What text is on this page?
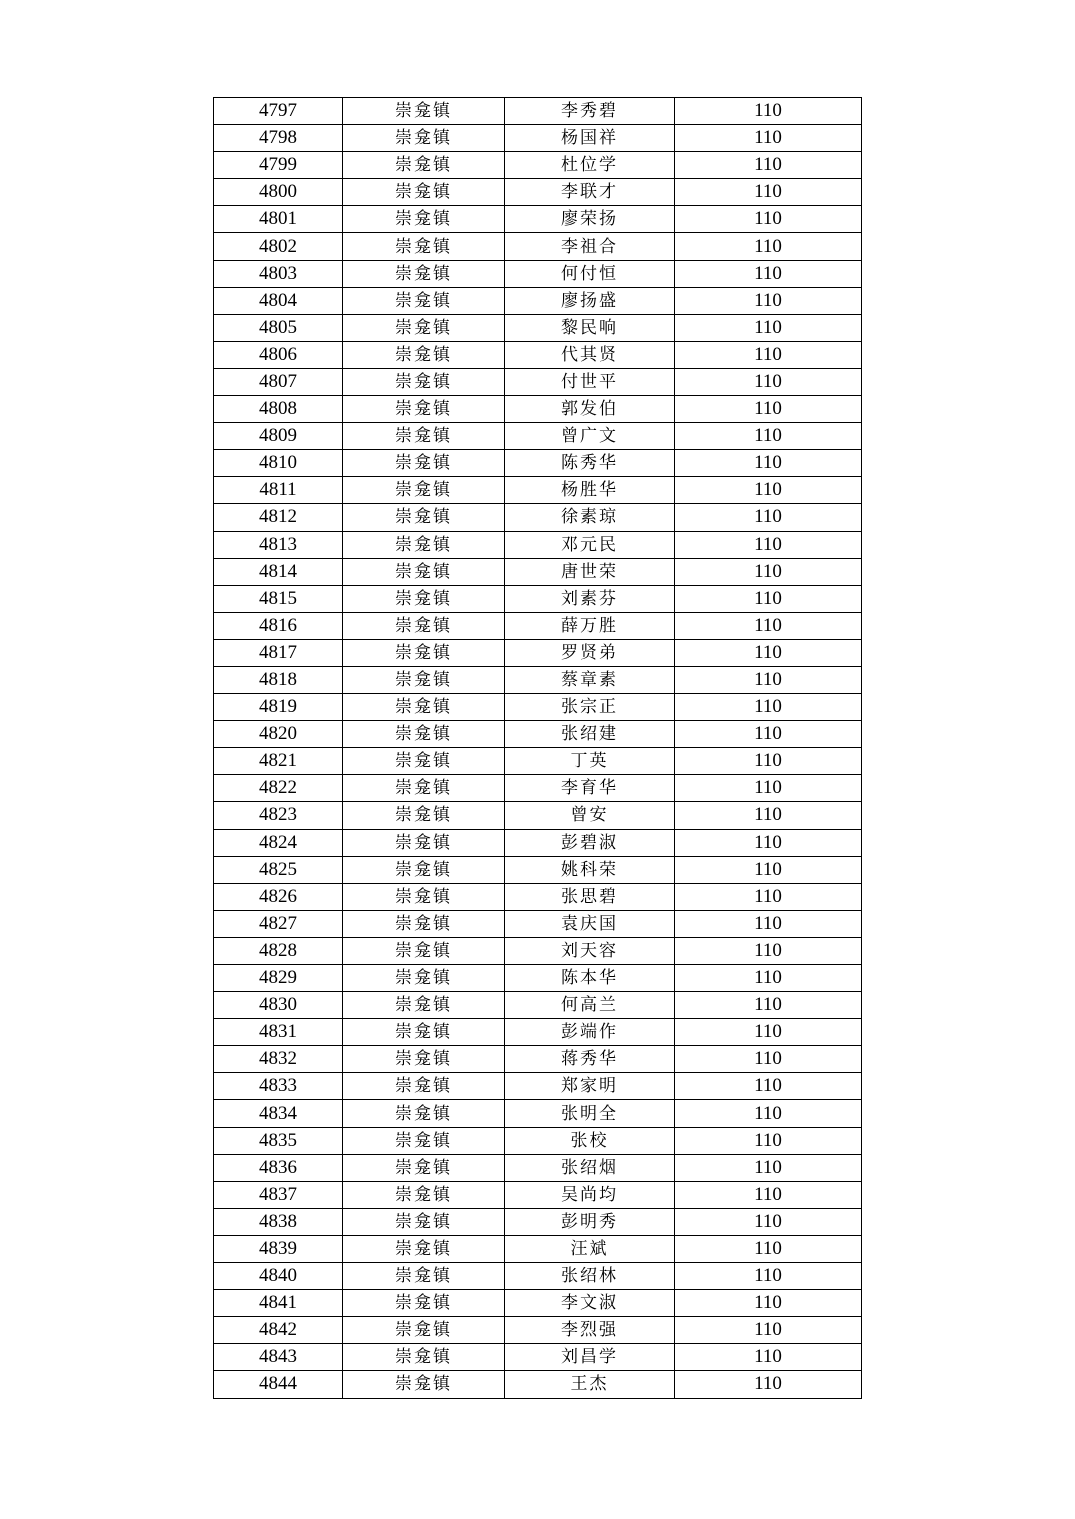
4797	崇龛镇	李秀碧	110
4798	崇龛镇	杨国祥	110
4799	崇龛镇	杜位学	110
4800	崇龛镇	李联才	110
4801	崇龛镇	廖荣扬	110
4802	崇龛镇	李祖合	110
4803	崇龛镇	何付恒	110
4804	崇龛镇	廖扬盛	110
4805	崇龛镇	黎民响	110
4806	崇龛镇	代其贤	110
4807	崇龛镇	付世平	110
4808	崇龛镇	郭发伯	110
4809	崇龛镇	曾广文	110
4810	崇龛镇	陈秀华	110
4811	崇龛镇	杨胜华	110
4812	崇龛镇	徐素琼	110
4813	崇龛镇	邓元民	110
4814	崇龛镇	唐世荣	110
4815	崇龛镇	刘素芬	110
4816	崇龛镇	薛万胜	110
4817	崇龛镇	罗贤弟	110
4818	崇龛镇	蔡章素	110
4819	崇龛镇	张宗正	110
4820	崇龛镇	张绍建	110
4821	崇龛镇	丁英	110
4822	崇龛镇	李育华	110
4823	崇龛镇	曾安	110
4824	崇龛镇	彭碧淑	110
4825	崇龛镇	姚科荣	110
4826	崇龛镇	张思碧	110
4827	崇龛镇	袁庆国	110
4828	崇龛镇	刘天容	110
4829	崇龛镇	陈本华	110
4830	崇龛镇	何高兰	110
4831	崇龛镇	彭端作	110
4832	崇龛镇	蒋秀华	110
4833	崇龛镇	郑家明	110
4834	崇龛镇	张明全	110
4835	崇龛镇	张校	110
4836	崇龛镇	张绍烟	110
4837	崇龛镇	吴尚均	110
4838	崇龛镇	彭明秀	110
4839	崇龛镇	汪斌	110
4840	崇龛镇	张绍林	110
4841	崇龛镇	李文淑	110
4842	崇龛镇	李烈强	110
4843	崇龛镇	刘昌学	110
4844	崇龛镇	王杰	110
